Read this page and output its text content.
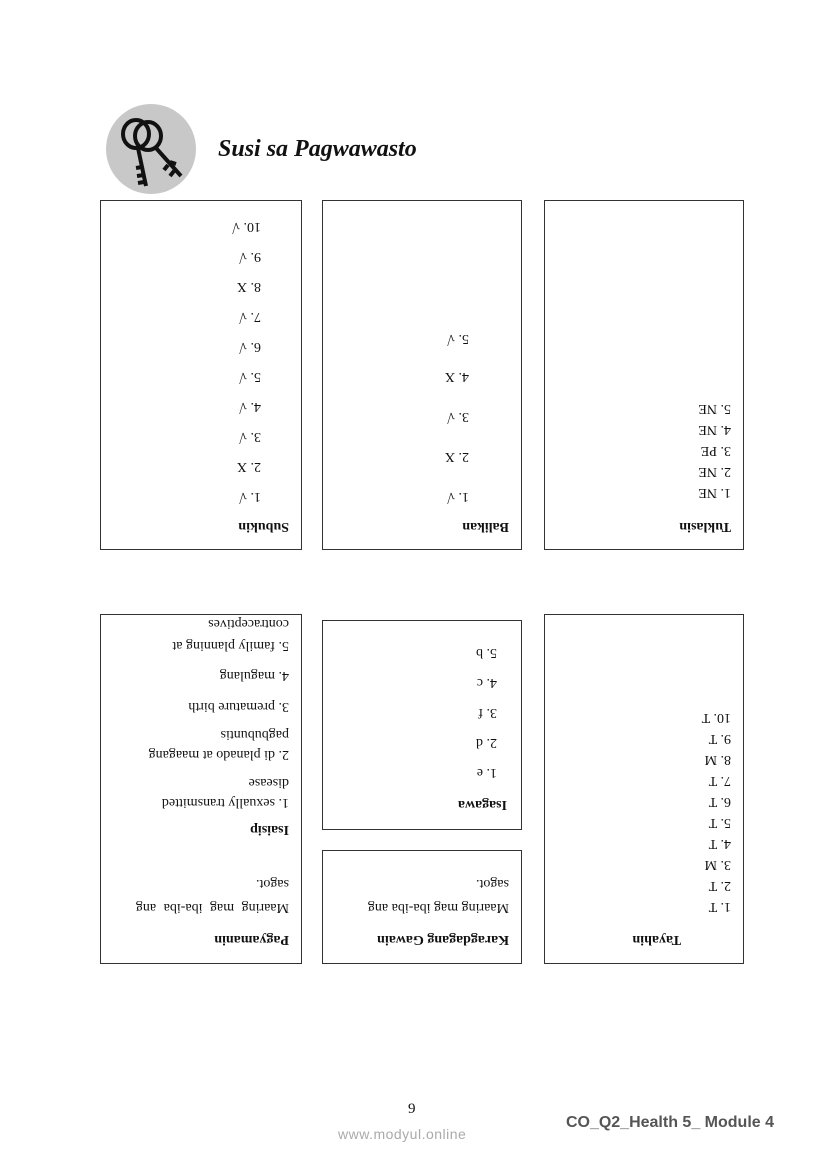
Susi sa Pagwawasto
Subukin
1. √
2. X
3. √
4. √
5. √
6. √
7. √
8. X
9. √
10. √
Balikan
1. √
2. X
3. √
4. X
5. √
Tuklasin
1. NE
2. NE
3. PE
4. NE
5. NE
Pagyamanin
Maaring mag iba-iba ang
sagot.
Isaisip
1. sexually transmitted
disease
2. di planado at maagang
pagbubuntis
3. premature birth
4. magulang
5. family planning at
contraceptives
Isagawa
1. e
2. d
3. f
4. c
5. b
Karagdagang Gawain
Maaring mag iba-iba ang
sagot.
Tayahin
1. T
2. T
3. M
4. T
5. T
6. T
7. T
8. M
9. T
10. T
9
CO_Q2_Health 5_ Module 4
www.modyul.online
